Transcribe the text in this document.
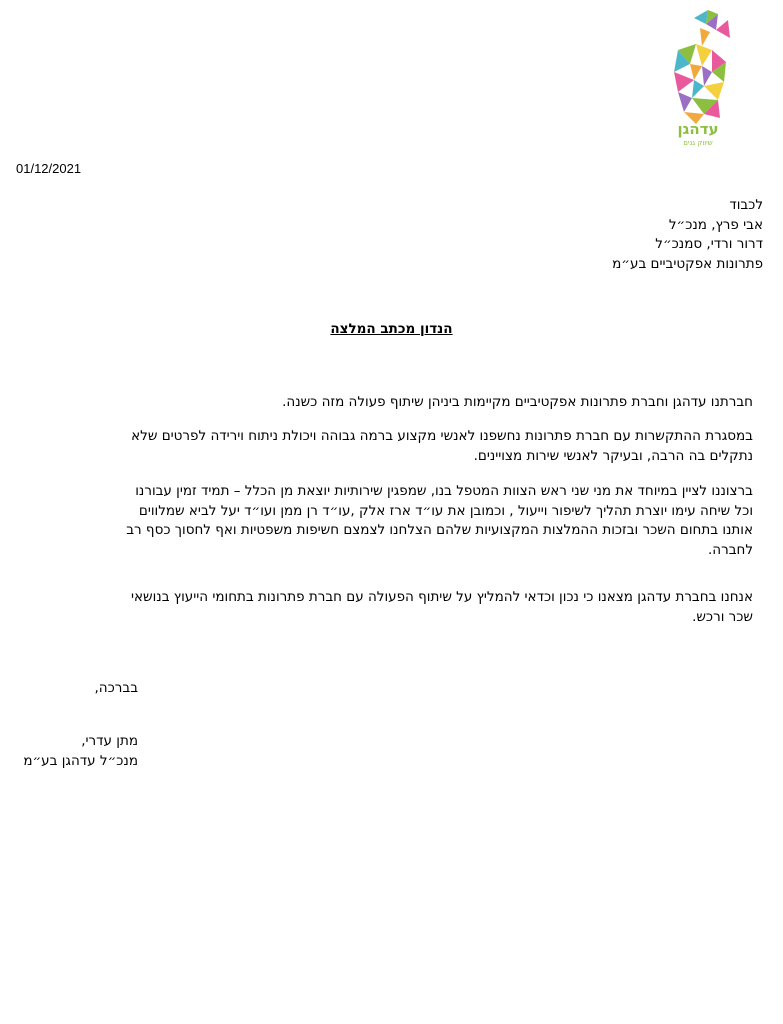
עדהגן
שיווק גנים
01/12/2021
לכבוד
אבי פרץ, מנכ״ל
דרור ורדי, סמנכ״ל
פתרונות אפקטיביים בע״מ
הנדון מכתב המלצה
חברתנו עדהגן וחברת פתרונות אפקטיביים מקיימות ביניהן שיתוף פעולה מזה כשנה.
במסגרת ההתקשרות עם חברת פתרונות נחשפנו לאנשי מקצוע ברמה גבוהה ויכולת ניתוח וירידה לפרטים שלא
נתקלים בה הרבה, ובעיקר לאנשי שירות מצויינים.
ברצוננו לציין במיוחד את מני שני ראש הצוות המטפל בנו, שמפגין שירותיות יוצאת מן הכלל – תמיד זמין עבורנו
וכל שיחה עימו יוצרת תהליך לשיפור וייעול , וכמובן את עו״ד ארז אלק ,עו״ד רן ממן ועו״ד יעל לביא שמלווים
אותנו בתחום השכר ובזכות ההמלצות המקצועיות שלהם הצלחנו לצמצם חשיפות משפטיות ואף לחסוך כסף רב
לחברה.
אנחנו בחברת עדהגן מצאנו כי נכון וכדאי להמליץ על שיתוף הפעולה עם חברת פתרונות בתחומי הייעוץ בנושאי
שכר ורכש.
בברכה,
מתן עדרי,
מנכ״ל עדהגן בע״מ
